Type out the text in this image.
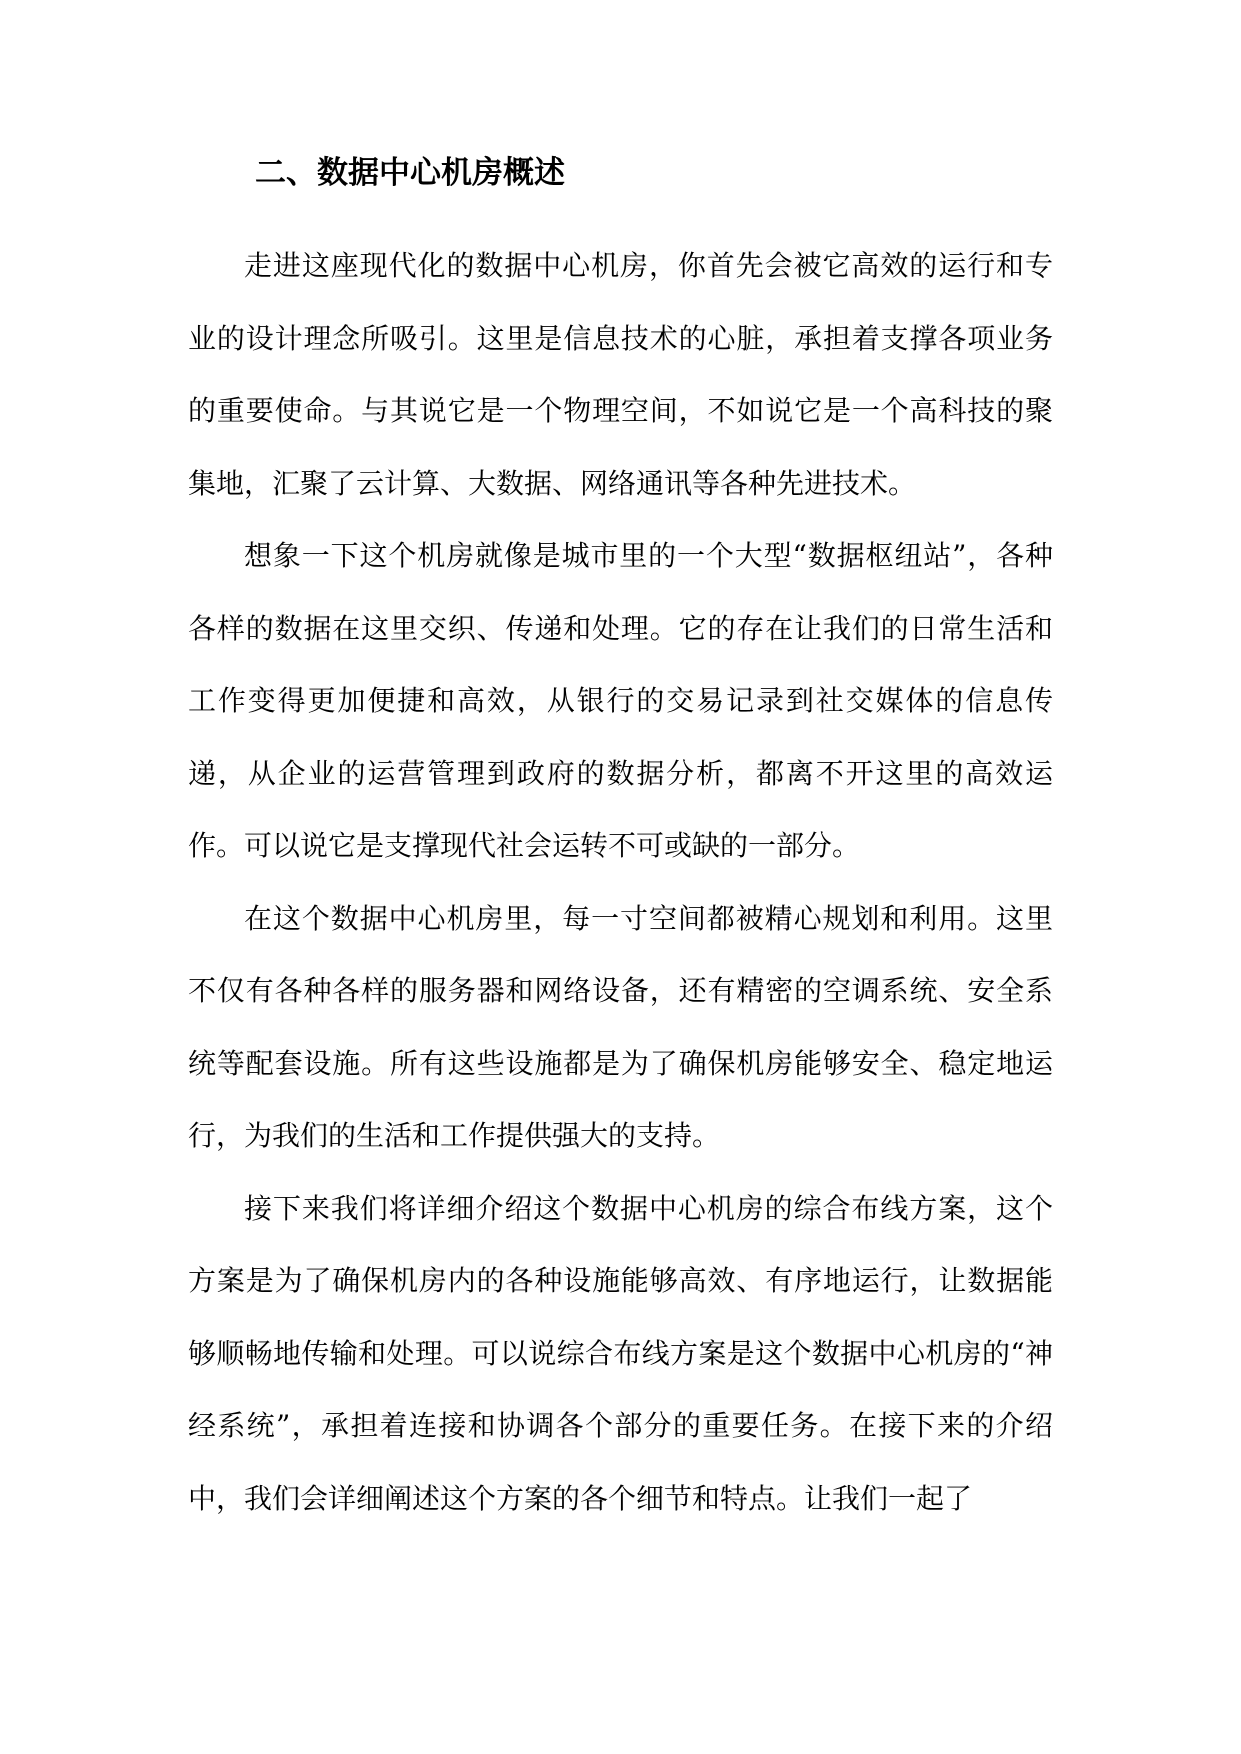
二、数据中心机房概述

走进这座现代化的数据中心机房，你首先会被它高效的运行和专业的设计理念所吸引。这里是信息技术的心脏，承担着支撑各项业务的重要使命。与其说它是一个物理空间，不如说它是一个高科技的聚集地，汇聚了云计算、大数据、网络通讯等各种先进技术。

想象一下这个机房就像是城市里的一个大型“数据枢纽站”，各种各样的数据在这里交织、传递和处理。它的存在让我们的日常生活和工作变得更加便捷和高效，从银行的交易记录到社交媒体的信息传递，从企业的运营管理到政府的数据分析，都离不开这里的高效运作。可以说它是支撑现代社会运转不可或缺的一部分。

在这个数据中心机房里，每一寸空间都被精心规划和利用。这里不仅有各种各样的服务器和网络设备，还有精密的空调系统、安全系统等配套设施。所有这些设施都是为了确保机房能够安全、稳定地运行，为我们的生活和工作提供强大的支持。

接下来我们将详细介绍这个数据中心机房的综合布线方案，这个方案是为了确保机房内的各种设施能够高效、有序地运行，让数据能够顺畅地传输和处理。可以说综合布线方案是这个数据中心机房的“神经系统”，承担着连接和协调各个部分的重要任务。在接下来的介绍中，我们会详细阐述这个方案的各个细节和特点。让我们一起了
